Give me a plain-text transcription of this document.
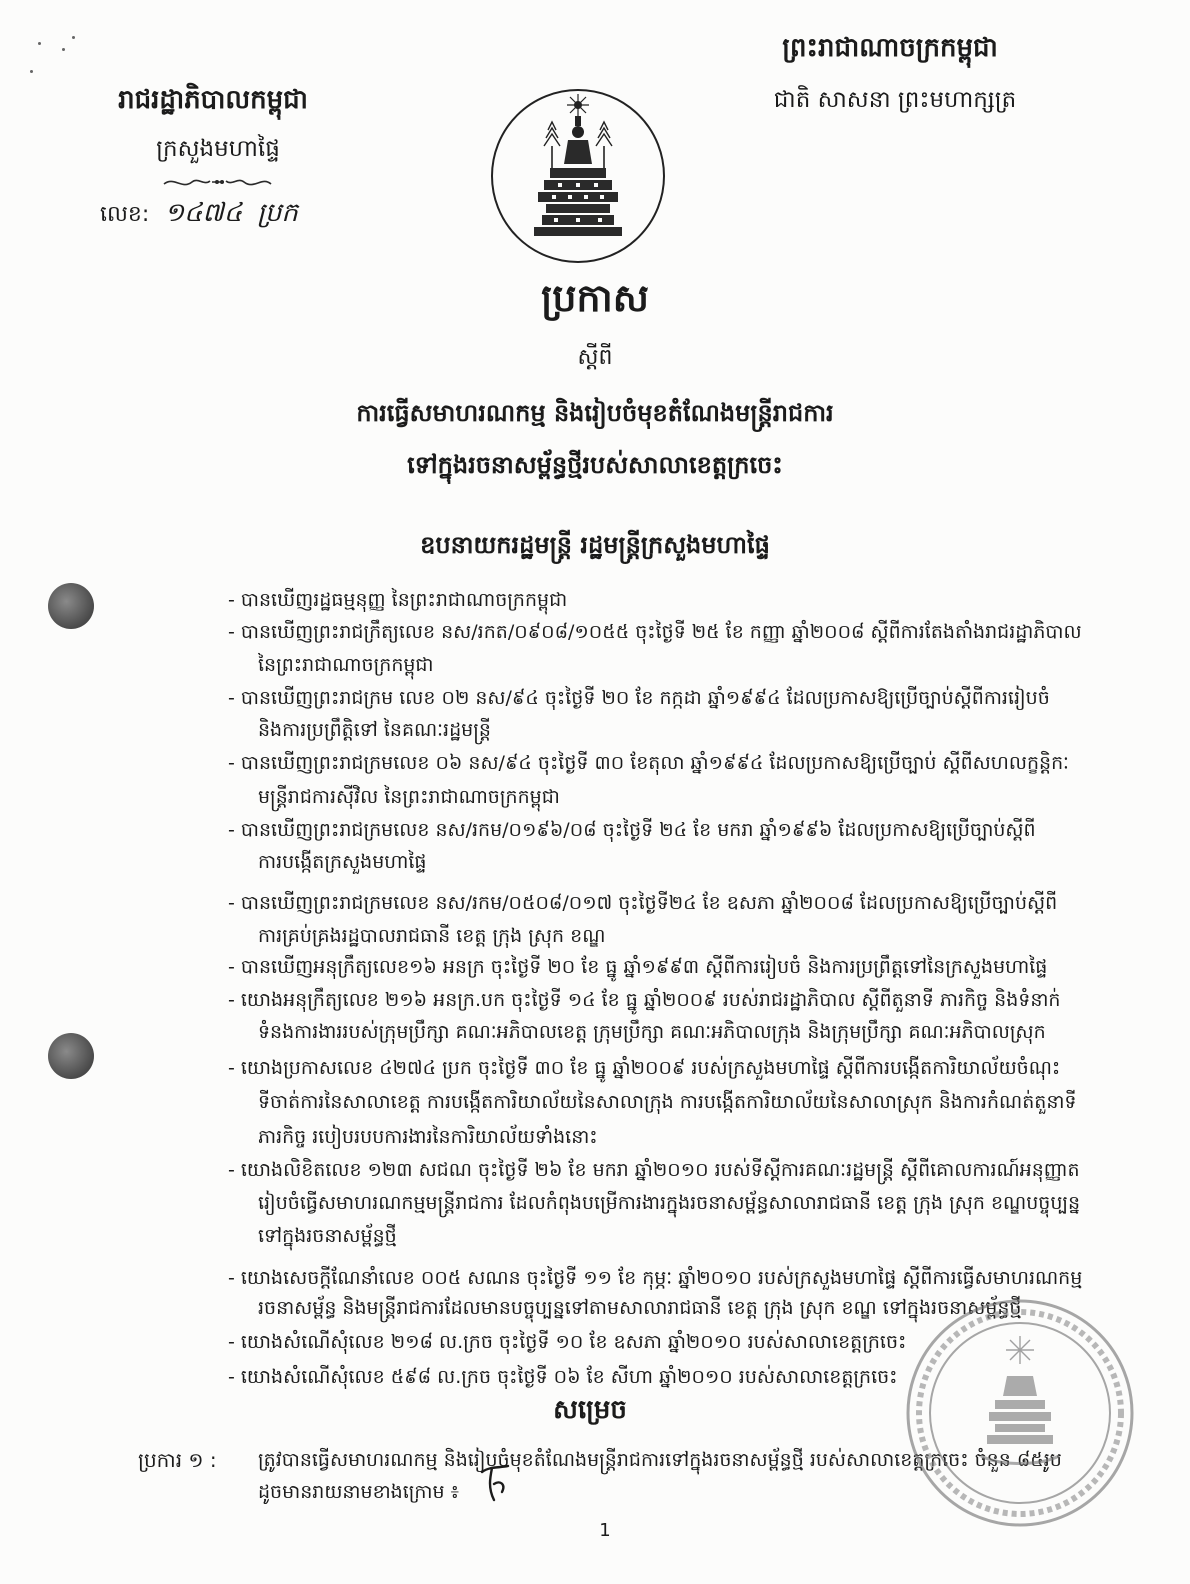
ព្រះរាជាណាចក្រកម្ពុជា
ជាតិ សាសនា ព្រះមហាក្សត្រ
រាជរដ្ឋាភិបាលកម្ពុជា
ក្រសួងមហាផ្ទៃ
លេខ: ១៤៧៤ ប្រក
ប្រកាស
ស្តីពី
ការធ្វើសមាហរណកម្ម និងរៀបចំមុខតំណែងមន្ត្រីរាជការ
ទៅក្នុងរចនាសម្ព័ន្ធថ្មីរបស់សាលាខេត្តក្រចេះ
ឧបនាយករដ្ឋមន្ត្រី រដ្ឋមន្ត្រីក្រសួងមហាផ្ទៃ
- បានឃើញរដ្ឋធម្មនុញ្ញ នៃព្រះរាជាណាចក្រកម្ពុជា
- បានឃើញព្រះរាជក្រឹត្យលេខ នស/រកត/០៩០៨/១០៥៥ ចុះថ្ងៃទី ២៥ ខែ កញ្ញា ឆ្នាំ២០០៨ ស្តីពីការតែងតាំងរាជរដ្ឋាភិបាល
នៃព្រះរាជាណាចក្រកម្ពុជា
- បានឃើញព្រះរាជក្រម លេខ ០២ នស/៩៤ ចុះថ្ងៃទី ២០ ខែ កក្កដា ឆ្នាំ១៩៩៤ ដែលប្រកាសឱ្យប្រើច្បាប់ស្តីពីការរៀបចំ
និងការប្រព្រឹត្តិទៅ នៃគណៈរដ្ឋមន្ត្រី
- បានឃើញព្រះរាជក្រមលេខ ០៦ នស/៩៤ ចុះថ្ងៃទី ៣០ ខែតុលា ឆ្នាំ១៩៩៤ ដែលប្រកាសឱ្យប្រើច្បាប់ ស្តីពីសហលក្ខន្តិកៈ
មន្ត្រីរាជការស៊ីវិល នៃព្រះរាជាណាចក្រកម្ពុជា
- បានឃើញព្រះរាជក្រមលេខ នស/រកម/០១៩៦/០៨ ចុះថ្ងៃទី ២៤ ខែ មករា ឆ្នាំ១៩៩៦ ដែលប្រកាសឱ្យប្រើច្បាប់ស្តីពី
ការបង្កើតក្រសួងមហាផ្ទៃ
- បានឃើញព្រះរាជក្រមលេខ នស/រកម/០៥០៨/០១៧ ចុះថ្ងៃទី២៤ ខែ ឧសភា ឆ្នាំ២០០៨ ដែលប្រកាសឱ្យប្រើច្បាប់ស្តីពី
ការគ្រប់គ្រងរដ្ឋបាលរាជធានី ខេត្ត ក្រុង ស្រុក ខណ្ឌ
- បានឃើញអនុក្រឹត្យលេខ១៦ អនក្រ ចុះថ្ងៃទី ២០ ខែ ធ្នូ ឆ្នាំ១៩៩៣ ស្តីពីការរៀបចំ និងការប្រព្រឹត្តទៅនៃក្រសួងមហាផ្ទៃ
- យោងអនុក្រឹត្យលេខ ២១៦ អនក្រ.បក ចុះថ្ងៃទី ១៤ ខែ ធ្នូ ឆ្នាំ២០០៩ របស់រាជរដ្ឋាភិបាល ស្តីពីតួនាទី ភារកិច្ច និងទំនាក់
ទំនងការងាររបស់ក្រុមប្រឹក្សា គណៈអភិបាលខេត្ត ក្រុមប្រឹក្សា គណៈអភិបាលក្រុង និងក្រុមប្រឹក្សា គណៈអភិបាលស្រុក
- យោងប្រកាសលេខ ៤២៧៤ ប្រក ចុះថ្ងៃទី ៣០ ខែ ធ្នូ ឆ្នាំ២០០៩ របស់ក្រសួងមហាផ្ទៃ ស្តីពីការបង្កើតការិយាល័យចំណុះ
ទីចាត់ការនៃសាលាខេត្ត ការបង្កើតការិយាល័យនៃសាលាក្រុង ការបង្កើតការិយាល័យនៃសាលាស្រុក និងការកំណត់តួនាទី
ភារកិច្ច របៀបរបបការងារនៃការិយាល័យទាំងនោះ
- យោងលិខិតលេខ ១២៣ សជណ ចុះថ្ងៃទី ២៦ ខែ មករា ឆ្នាំ២០១០ របស់ទីស្តីការគណៈរដ្ឋមន្ត្រី ស្តីពីគោលការណ៍អនុញ្ញាត
រៀបចំធ្វើសមាហរណកម្មមន្ត្រីរាជការ ដែលកំពុងបម្រើការងារក្នុងរចនាសម្ព័ន្ធសាលារាជធានី ខេត្ត ក្រុង ស្រុក ខណ្ឌបច្ចុប្បន្ន
ទៅក្នុងរចនាសម្ព័ន្ធថ្មី
- យោងសេចក្តីណែនាំលេខ ០០៥ សណន ចុះថ្ងៃទី ១១ ខែ កុម្ភៈ ឆ្នាំ២០១០ របស់ក្រសួងមហាផ្ទៃ ស្តីពីការធ្វើសមាហរណកម្ម
រចនាសម្ព័ន្ធ និងមន្ត្រីរាជការដែលមានបច្ចុប្បន្នទៅតាមសាលារាជធានី ខេត្ត ក្រុង ស្រុក ខណ្ឌ ទៅក្នុងរចនាសម្ព័ន្ធថ្មី
- យោងសំណើសុំលេខ ២១៨ ល.ក្រច ចុះថ្ងៃទី ១០ ខែ ឧសភា ឆ្នាំ២០១០ របស់សាលាខេត្តក្រចេះ
- យោងសំណើសុំលេខ ៥៩៨ ល.ក្រច ចុះថ្ងៃទី ០៦ ខែ សីហា ឆ្នាំ២០១០ របស់សាលាខេត្តក្រចេះ
សម្រេច
ប្រការ ១ :	ត្រូវបានធ្វើសមាហរណកម្ម និងរៀបចំមុខតំណែងមន្ត្រីរាជការទៅក្នុងរចនាសម្ព័ន្ធថ្មី របស់សាលាខេត្តក្រចេះ ចំនួន ៨៥រូប
ដូចមានរាយនាមខាងក្រោម ៖
1
